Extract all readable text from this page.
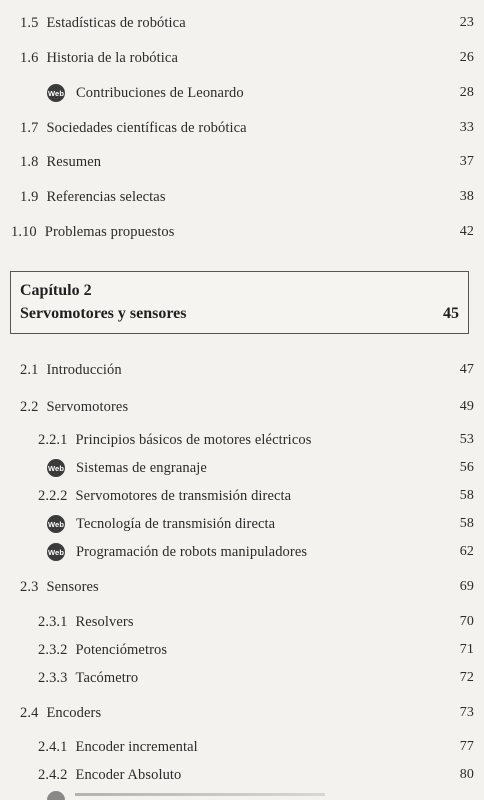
1.5 Estadísticas de robótica	23
1.6 Historia de la robótica	26
Web Contribuciones de Leonardo	28
1.7 Sociedades científicas de robótica	33
1.8 Resumen	37
1.9 Referencias selectas	38
1.10 Problemas propuestos	42
Capítulo 2
Servomotores y sensores	45
2.1 Introducción	47
2.2 Servomotores	49
2.2.1 Principios básicos de motores eléctricos	53
Web Sistemas de engranaje	56
2.2.2 Servomotores de transmisión directa	58
Web Tecnología de transmisión directa	58
Web Programación de robots manipuladores	62
2.3 Sensores	69
2.3.1 Resolvers	70
2.3.2 Potenciómetros	71
2.3.3 Tacómetro	72
2.4 Encoders	73
2.4.1 Encoder incremental	77
2.4.2 Encoder Absoluto	80
